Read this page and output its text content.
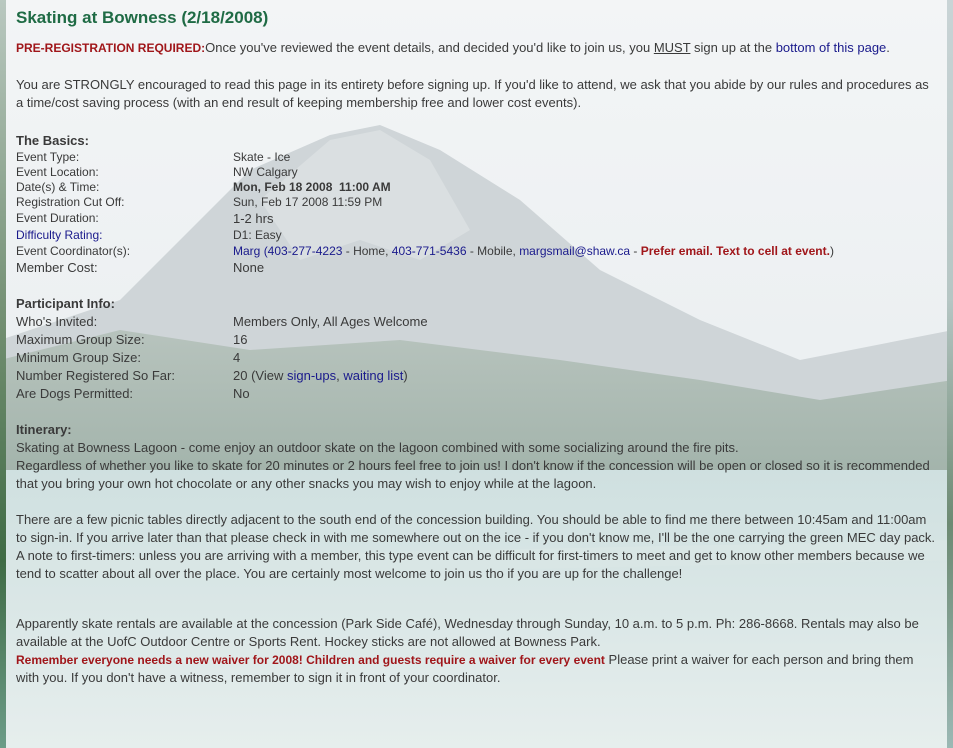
Skating at Bowness (2/18/2008)

PRE-REGISTRATION REQUIRED:Once you've reviewed the event details, and decided you'd like to join us, you MUST sign up at the bottom of this page.

You are STRONGLY encouraged to read this page in its entirety before signing up. If you'd like to attend, we ask that you abide by our rules and procedures as a time/cost saving process (with an end result of keeping membership free and lower cost events).

The Basics:

Event Type:	Skate - Ice
Event Location:	NW Calgary
Date(s) & Time:	Mon, Feb 18 2008  11:00 AM
Registration Cut Off:	Sun, Feb 17 2008 11:59 PM
Event Duration:	1-2 hrs
Difficulty Rating:	D1: Easy
Event Coordinator(s):	Marg (403-277-4223 - Home, 403-771-5436 - Mobile, margsmail@shaw.ca - Prefer email. Text to cell at event.)
Member Cost:	None

Participant Info:

Who's Invited:	Members Only, All Ages Welcome
Maximum Group Size:	16
Minimum Group Size:	4
Number Registered So Far:	20 (View sign-ups, waiting list)
Are Dogs Permitted:	No

Itinerary:

Skating at Bowness Lagoon - come enjoy an outdoor skate on the lagoon combined with some socializing around the fire pits.

Regardless of whether you like to skate for 20 minutes or 2 hours feel free to join us! I don't know if the concession will be open or closed so it is recommended that you bring your own hot chocolate or any other snacks you may wish to enjoy while at the lagoon.

There are a few picnic tables directly adjacent to the south end of the concession building. You should be able to find me there between 10:45am and 11:00am to sign-in. If you arrive later than that please check in with me somewhere out on the ice - if you don't know me, I'll be the one carrying the green MEC day pack. A note to first-timers: unless you are arriving with a member, this type event can be difficult for first-timers to meet and get to know other members because we tend to scatter about all over the place. You are certainly most welcome to join us tho if you are up for the challenge!

Apparently skate rentals are available at the concession (Park Side Café), Wednesday through Sunday, 10 a.m. to 5 p.m. Ph: 286-8668. Rentals may also be available at the UofC Outdoor Centre or Sports Rent. Hockey sticks are not allowed at Bowness Park.

Remember everyone needs a new waiver for 2008! Children and guests require a waiver for every event Please print a waiver for each person and bring them with you. If you don't have a witness, remember to sign it in front of your coordinator.
